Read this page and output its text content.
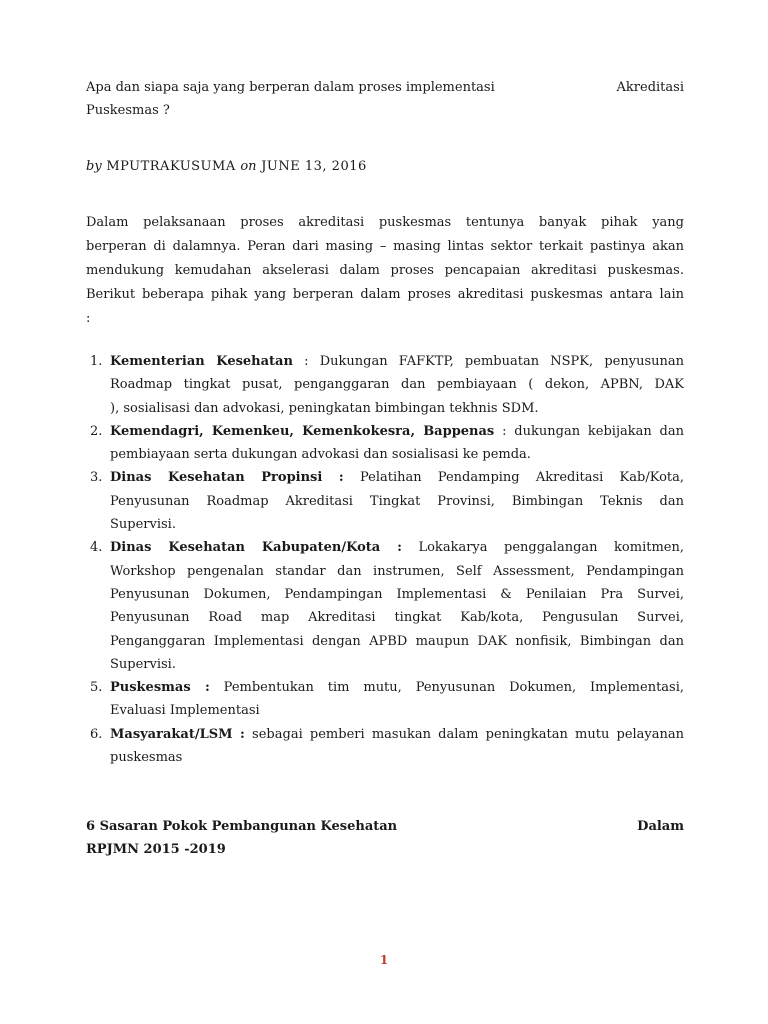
Apa dan siapa saja yang berperan dalam proses implementasi	Akreditasi
Puskesmas ?
by MPUTRAKUSUMA on JUNE 13, 2016
Dalam pelaksanaan proses akreditasi puskesmas tentunya banyak pihak yang
berperan di dalamnya. Peran dari masing – masing lintas sektor terkait pastinya akan
mendukung kemudahan akselerasi dalam proses pencapaian akreditasi puskesmas.
Berikut beberapa pihak yang berperan dalam proses akreditasi puskesmas antara lain
:
1. Kementerian Kesehatan : Dukungan FAFKTP, pembuatan NSPK, penyusunan
Roadmap tingkat pusat, penganggaran dan pembiayaan ( dekon, APBN, DAK
), sosialisasi dan advokasi, peningkatan bimbingan tekhnis SDM.
2. Kemendagri, Kemenkeu, Kemenkokesra, Bappenas : dukungan kebijakan dan
pembiayaan serta dukungan advokasi dan sosialisasi ke pemda.
3. Dinas Kesehatan Propinsi : Pelatihan Pendamping Akreditasi Kab/Kota,
Penyusunan Roadmap Akreditasi Tingkat Provinsi, Bimbingan Teknis dan
Supervisi.
4. Dinas Kesehatan Kabupaten/Kota : Lokakarya penggalangan komitmen,
Workshop pengenalan standar dan instrumen, Self Assessment, Pendampingan
Penyusunan Dokumen, Pendampingan Implementasi & Penilaian Pra Survei,
Penyusunan Road map Akreditasi tingkat Kab/kota, Pengusulan Survei,
Penganggaran Implementasi dengan APBD maupun DAK nonfisik, Bimbingan dan
Supervisi.
5. Puskesmas : Pembentukan tim mutu, Penyusunan Dokumen, Implementasi,
Evaluasi Implementasi
6. Masyarakat/LSM : sebagai pemberi masukan dalam peningkatan mutu pelayanan
puskesmas
6 Sasaran Pokok Pembangunan Kesehatan	Dalam
RPJMN 2015 -2019
1
